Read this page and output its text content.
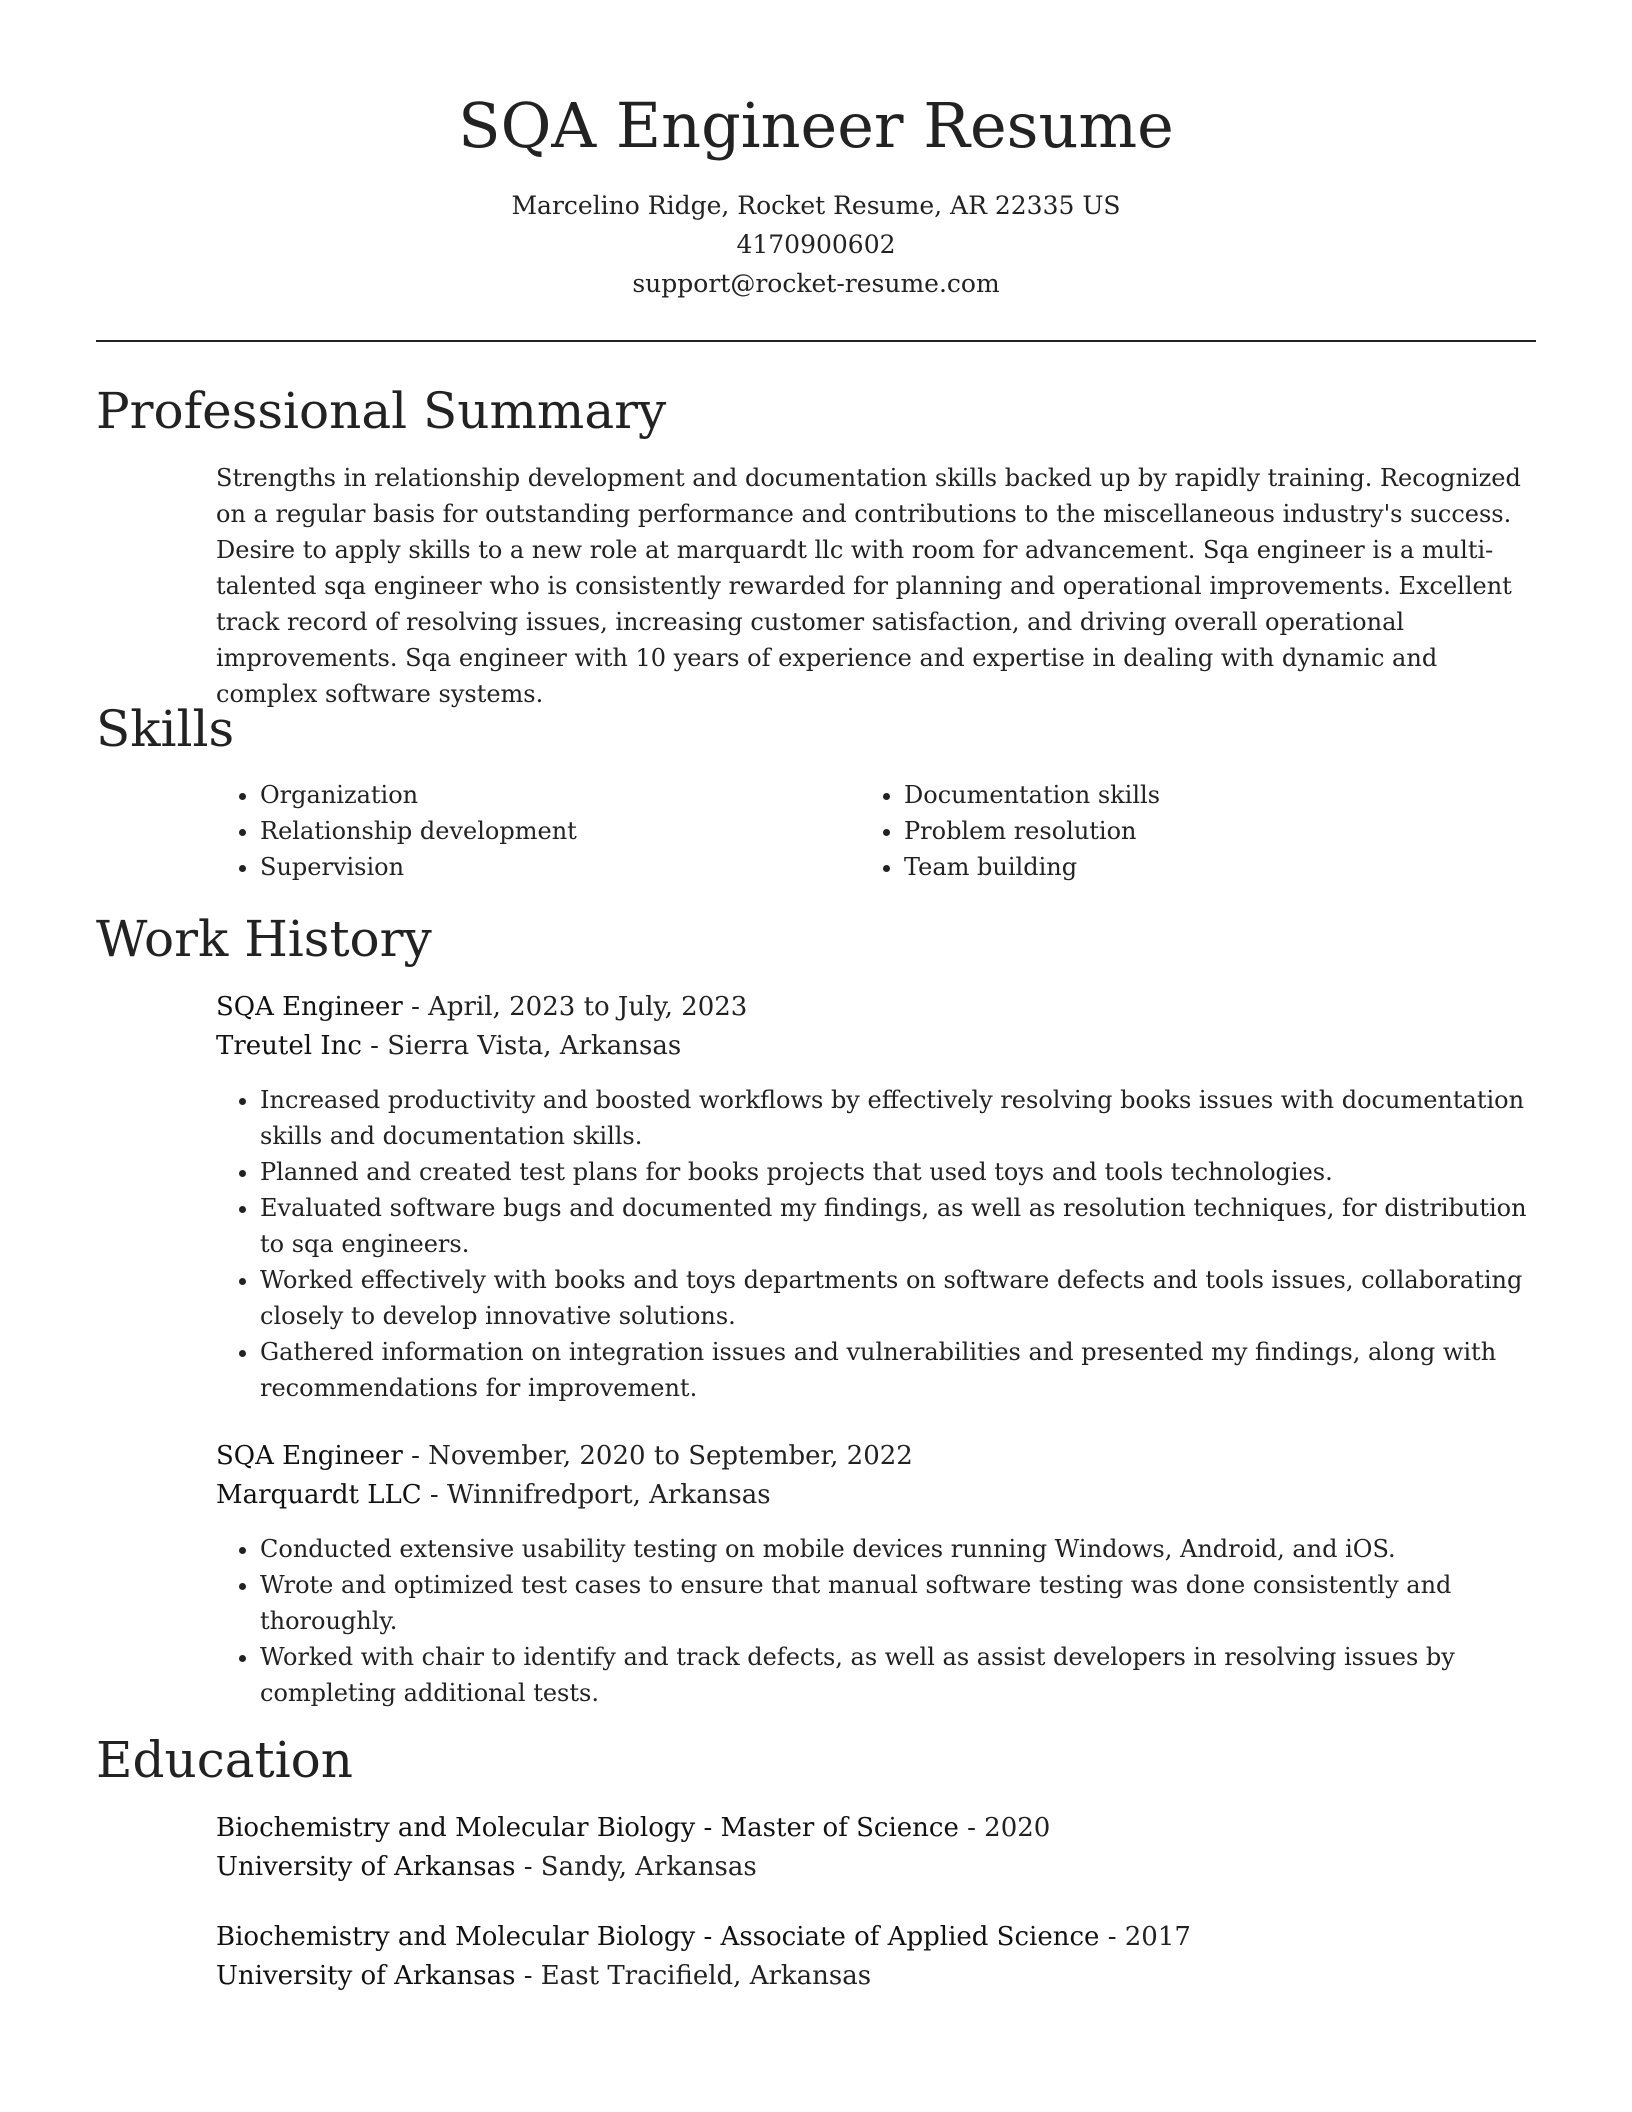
SQA Engineer Resume
Marcelino Ridge, Rocket Resume, AR 22335 US
4170900602
support@rocket-resume.com
Professional Summary
Strengths in relationship development and documentation skills backed up by rapidly training. Recognized on a regular basis for outstanding performance and contributions to the miscellaneous industry's success. Desire to apply skills to a new role at marquardt llc with room for advancement. Sqa engineer is a multi-talented sqa engineer who is consistently rewarded for planning and operational improvements. Excellent track record of resolving issues, increasing customer satisfaction, and driving overall operational improvements. Sqa engineer with 10 years of experience and expertise in dealing with dynamic and complex software systems.
Skills
• Organization
• Relationship development
• Supervision
• Documentation skills
• Problem resolution
• Team building
Work History
SQA Engineer - April, 2023 to July, 2023
Treutel Inc - Sierra Vista, Arkansas
• Increased productivity and boosted workflows by effectively resolving books issues with documentation skills and documentation skills.
• Planned and created test plans for books projects that used toys and tools technologies.
• Evaluated software bugs and documented my findings, as well as resolution techniques, for distribution to sqa engineers.
• Worked effectively with books and toys departments on software defects and tools issues, collaborating closely to develop innovative solutions.
• Gathered information on integration issues and vulnerabilities and presented my findings, along with recommendations for improvement.
SQA Engineer - November, 2020 to September, 2022
Marquardt LLC - Winnifredport, Arkansas
• Conducted extensive usability testing on mobile devices running Windows, Android, and iOS.
• Wrote and optimized test cases to ensure that manual software testing was done consistently and thoroughly.
• Worked with chair to identify and track defects, as well as assist developers in resolving issues by completing additional tests.
Education
Biochemistry and Molecular Biology - Master of Science - 2020
University of Arkansas - Sandy, Arkansas
Biochemistry and Molecular Biology - Associate of Applied Science - 2017
University of Arkansas - East Tracifield, Arkansas
